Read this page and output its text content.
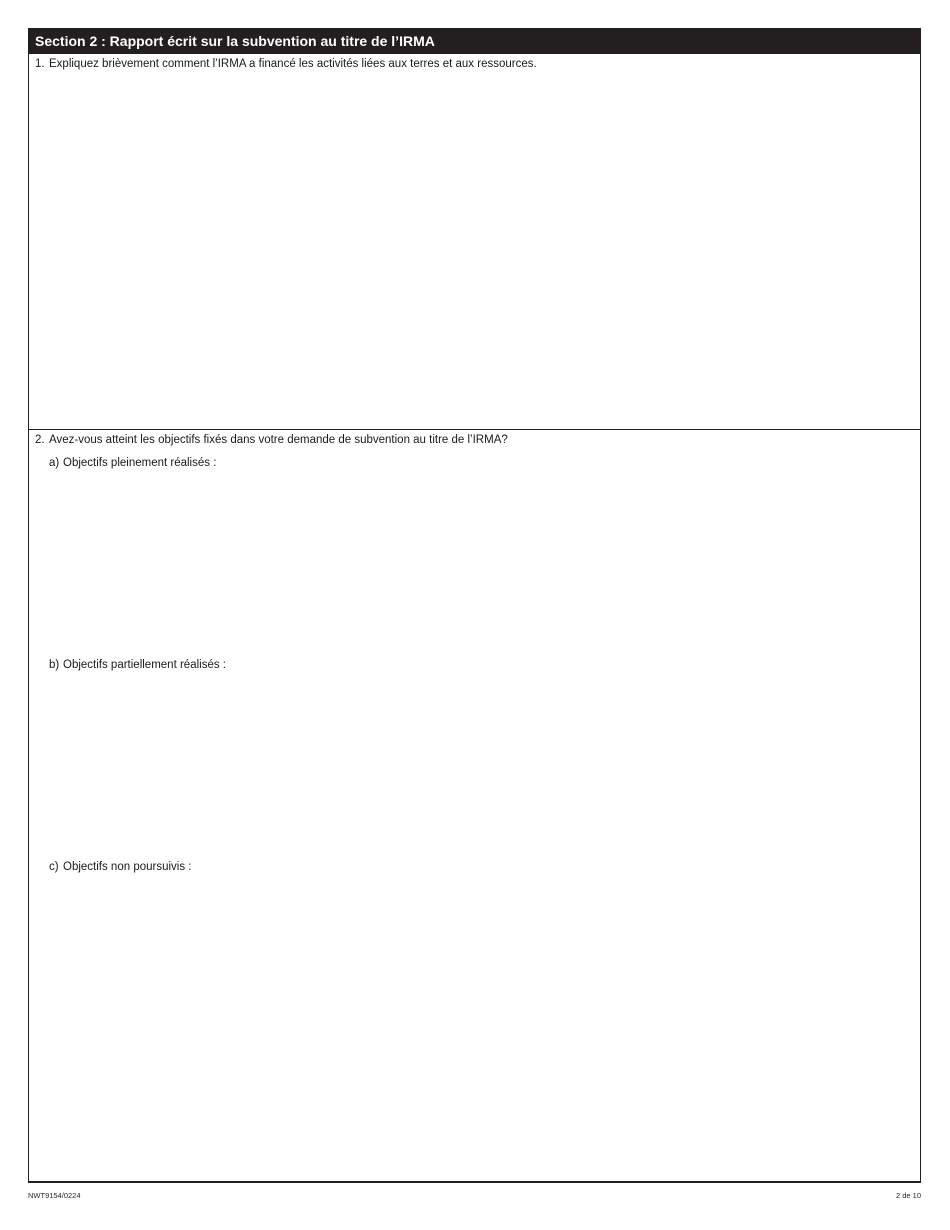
Section 2 : Rapport écrit sur la subvention au titre de l’IRMA
1. Expliquez brièvement comment l’IRMA a financé les activités liées aux terres et aux ressources.
2. Avez-vous atteint les objectifs fixés dans votre demande de subvention au titre de l’IRMA?
a) Objectifs pleinement réalisés :
b) Objectifs partiellement réalisés :
c) Objectifs non poursuivis :
NWT9154/0224	2 de 10
